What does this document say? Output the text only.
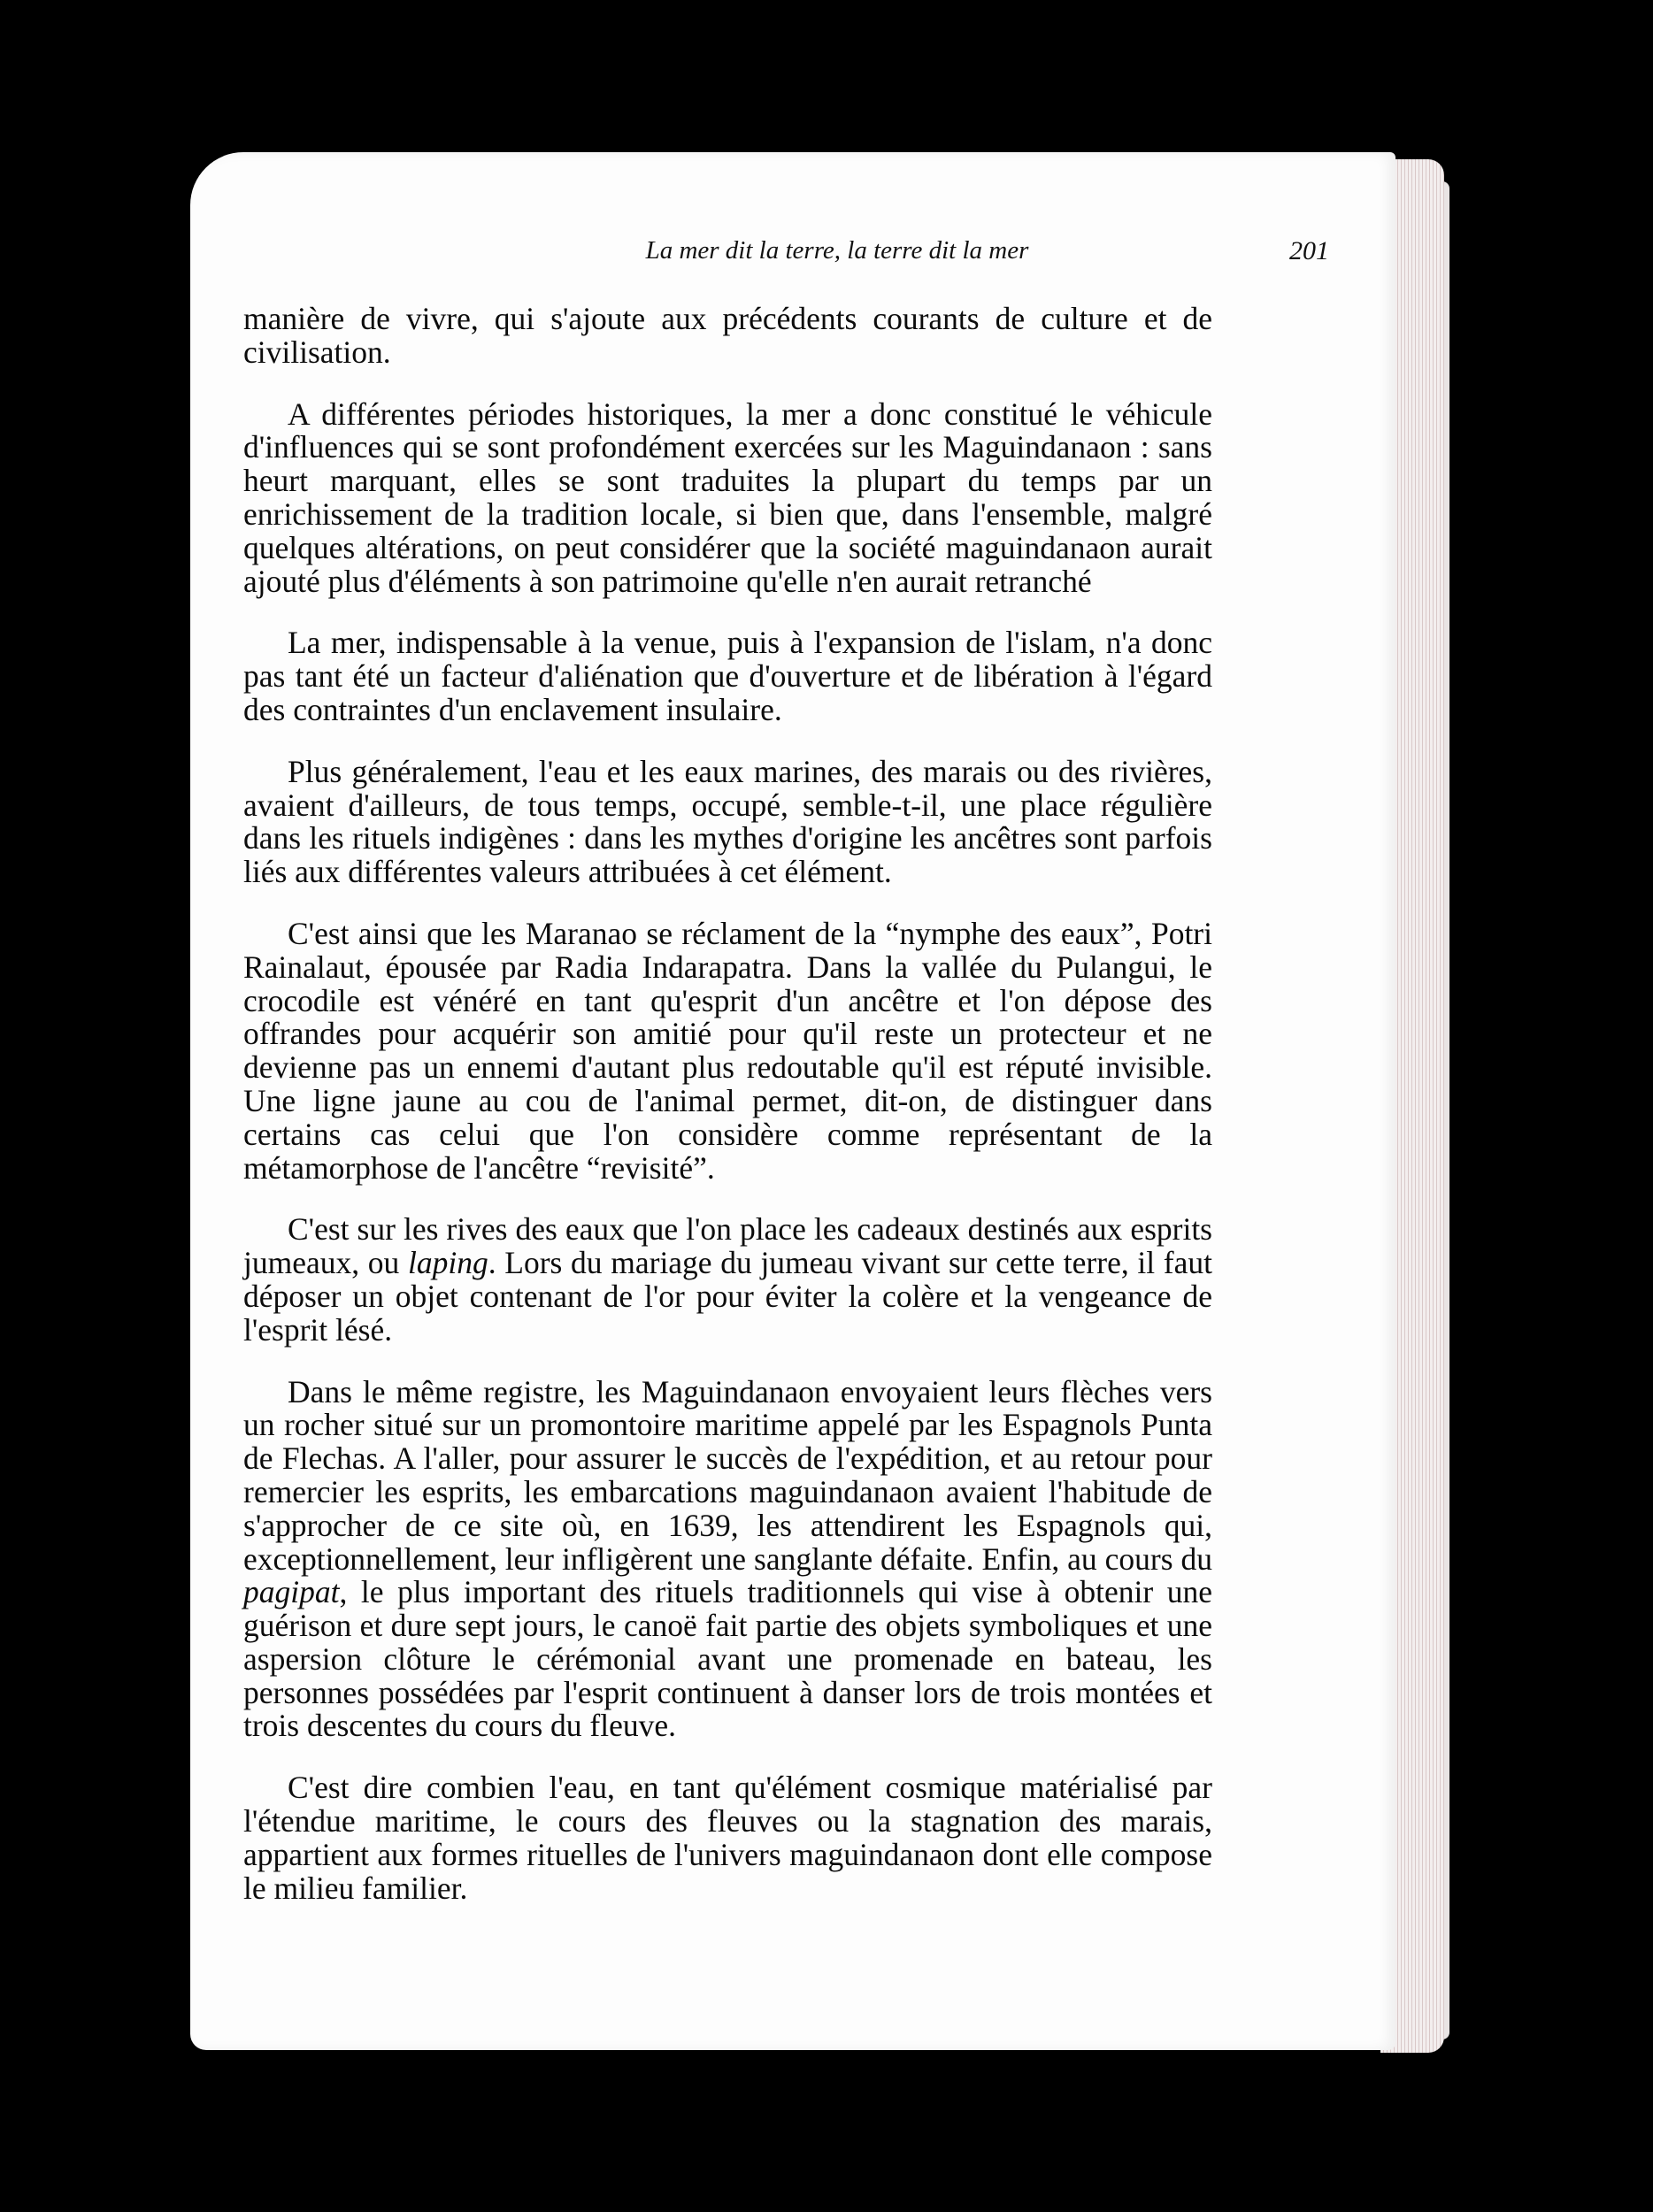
La mer dit la terre, la terre dit la mer	201

manière de vivre, qui s'ajoute aux précédents courants de culture et de civilisation.

A différentes périodes historiques, la mer a donc constitué le véhicule d'influences qui se sont profondément exercées sur les Maguindanaon : sans heurt marquant, elles se sont traduites la plupart du temps par un enrichissement de la tradition locale, si bien que, dans l'ensemble, malgré quelques altérations, on peut considérer que la société maguindanaon aurait ajouté plus d'éléments à son patrimoine qu'elle n'en aurait retranché

La mer, indispensable à la venue, puis à l'expansion de l'islam, n'a donc pas tant été un facteur d'aliénation que d'ouverture et de libération à l'égard des contraintes d'un enclavement insulaire.

Plus généralement, l'eau et les eaux marines, des marais ou des rivières, avaient d'ailleurs, de tous temps, occupé, semble-t-il, une place régulière dans les rituels indigènes : dans les mythes d'origine les ancêtres sont parfois liés aux différentes valeurs attribuées à cet élément.

C'est ainsi que les Maranao se réclament de la “nymphe des eaux”, Potri Rainalaut, épousée par Radia Indarapatra. Dans la vallée du Pulangui, le crocodile est vénéré en tant qu'esprit d'un ancêtre et l'on dépose des offrandes pour acquérir son amitié pour qu'il reste un protecteur et ne devienne pas un ennemi d'autant plus redoutable qu'il est réputé invisible. Une ligne jaune au cou de l'animal permet, dit-on, de distinguer dans certains cas celui que l'on considère comme représentant de la métamorphose de l'ancêtre “revisité”.

C'est sur les rives des eaux que l'on place les cadeaux destinés aux esprits jumeaux, ou laping. Lors du mariage du jumeau vivant sur cette terre, il faut déposer un objet contenant de l'or pour éviter la colère et la vengeance de l'esprit lésé.

Dans le même registre, les Maguindanaon envoyaient leurs flèches vers un rocher situé sur un promontoire maritime appelé par les Espagnols Punta de Flechas. A l'aller, pour assurer le succès de l'expédition, et au retour pour remercier les esprits, les embarcations maguindanaon avaient l'habitude de s'approcher de ce site où, en 1639, les attendirent les Espagnols qui, exceptionnellement, leur infligèrent une sanglante défaite. Enfin, au cours du pagipat, le plus important des rituels traditionnels qui vise à obtenir une guérison et dure sept jours, le canoë fait partie des objets symboliques et une aspersion clôture le cérémonial avant une promenade en bateau, les personnes possédées par l'esprit continuent à danser lors de trois montées et trois descentes du cours du fleuve.

C'est dire combien l'eau, en tant qu'élément cosmique matérialisé par l'étendue maritime, le cours des fleuves ou la stagnation des marais, appartient aux formes rituelles de l'univers maguindanaon dont elle compose le milieu familier.
